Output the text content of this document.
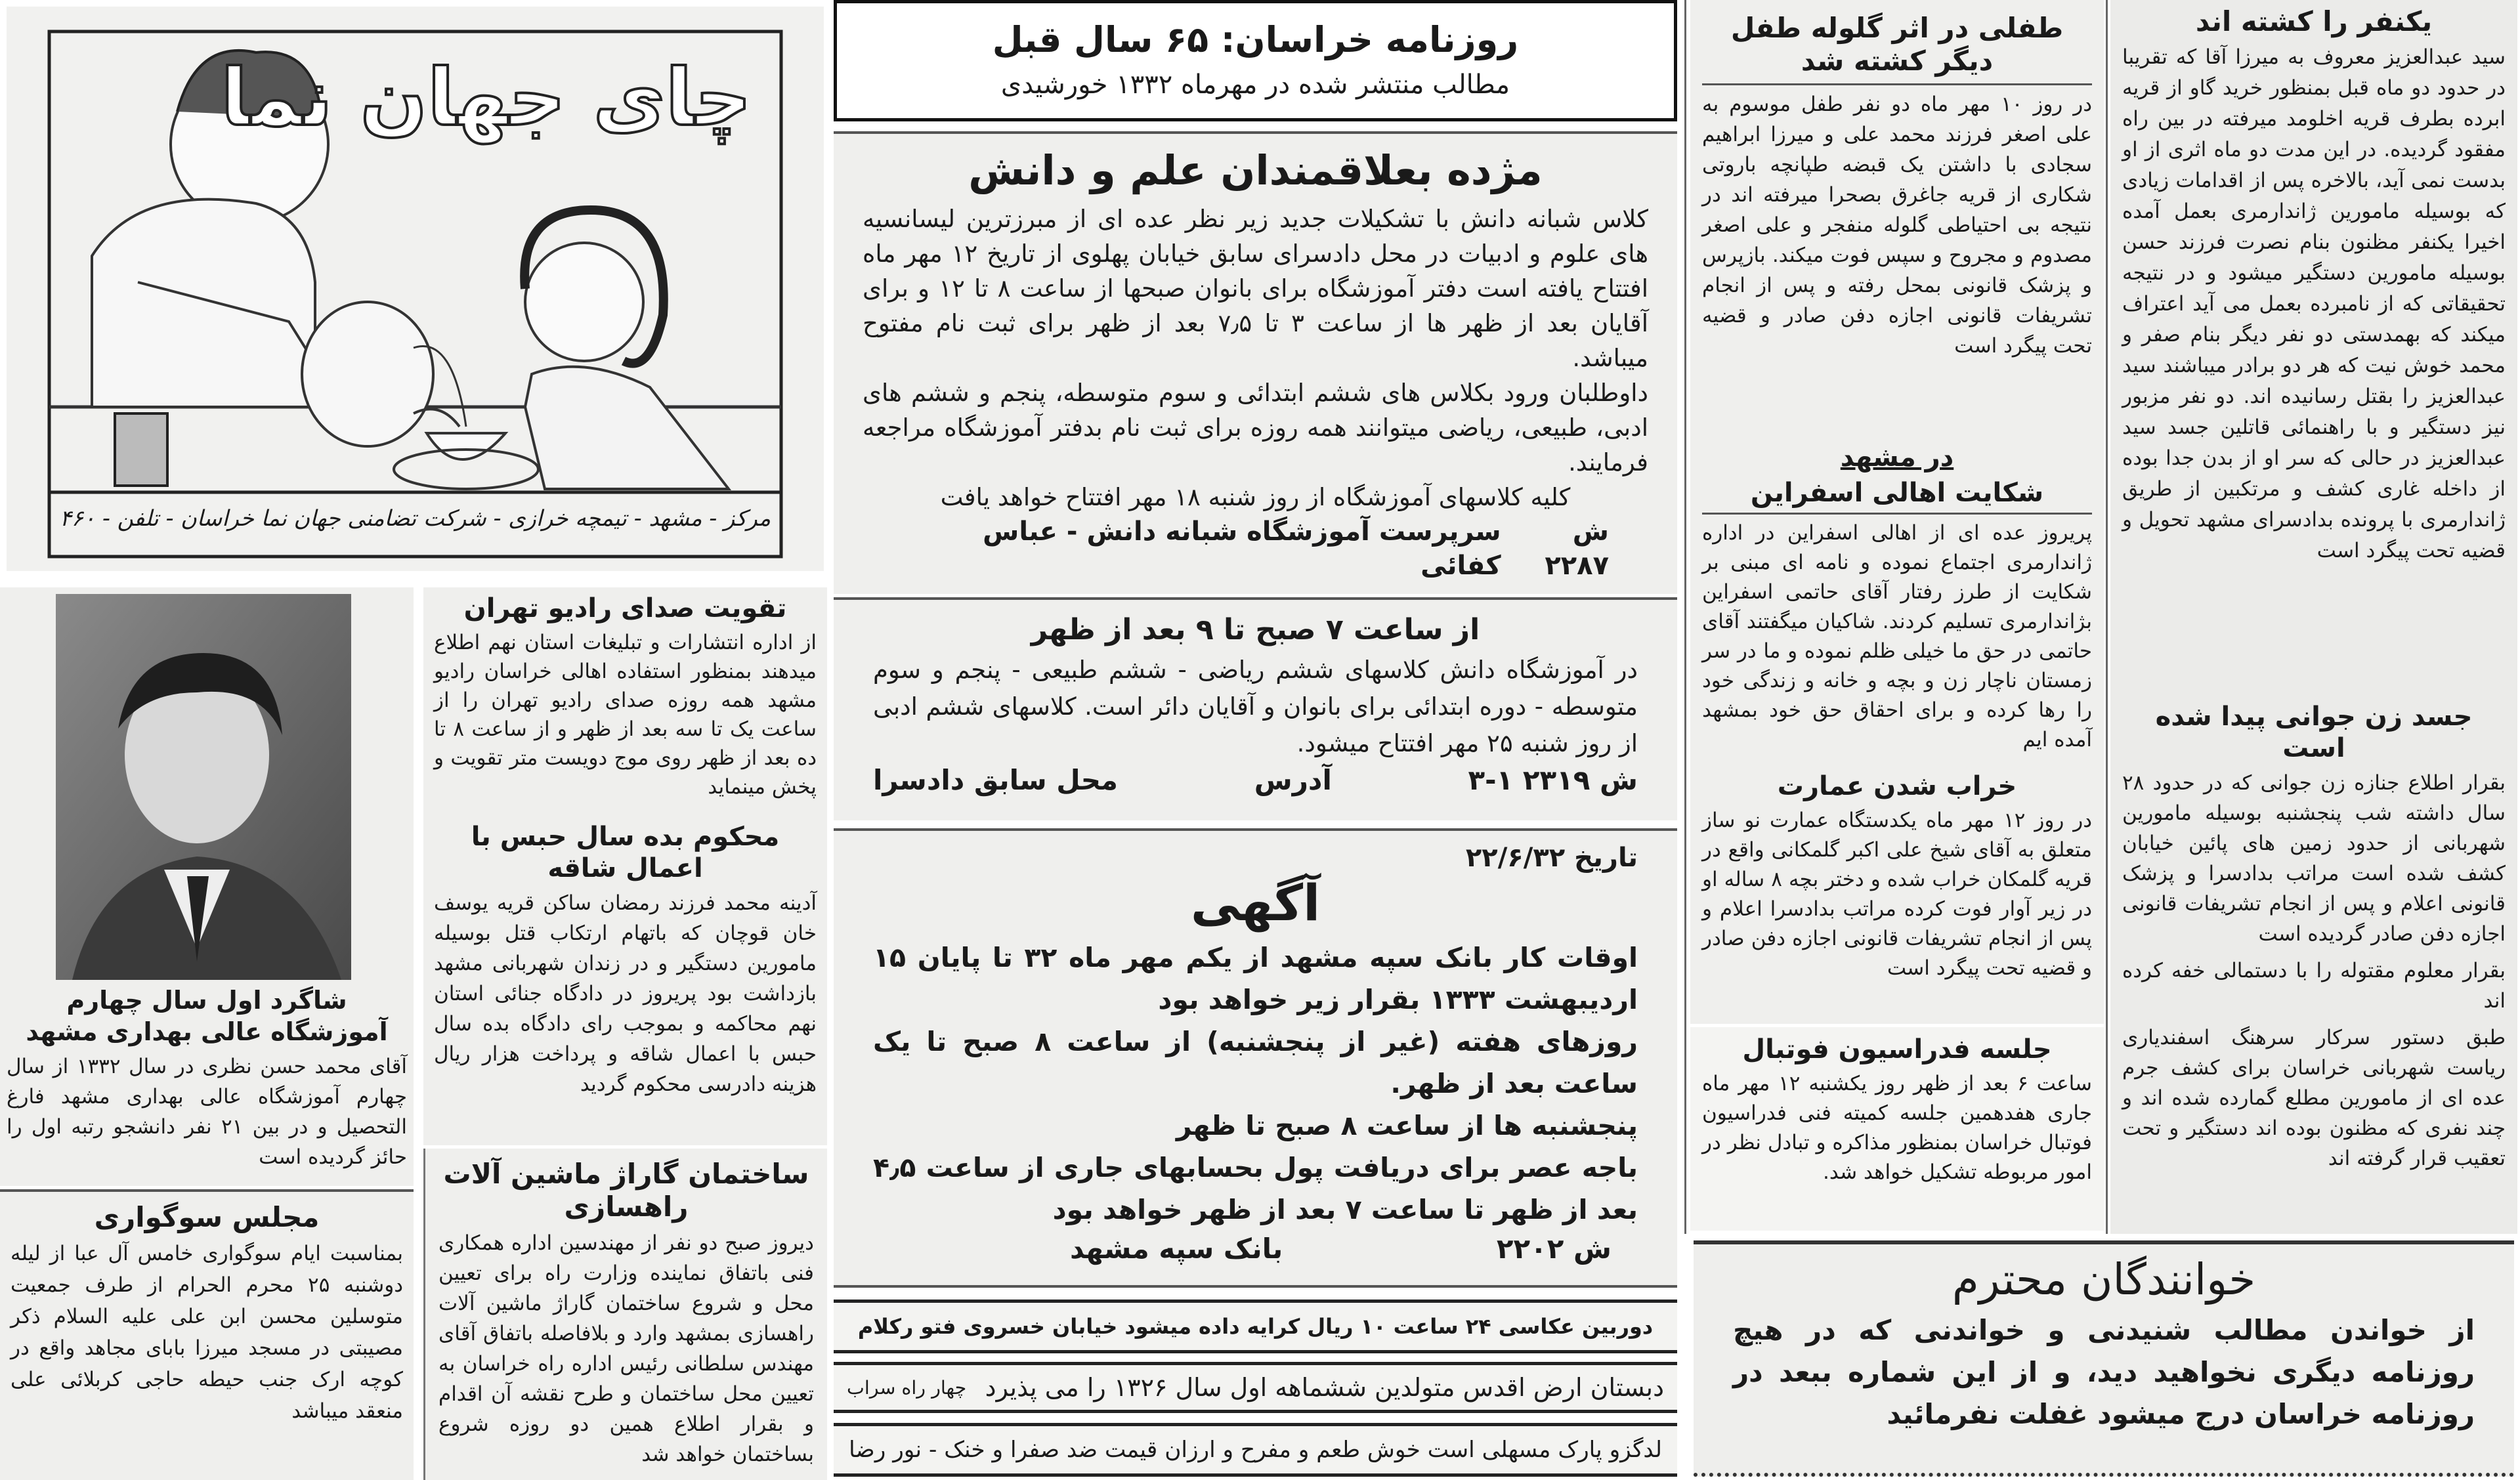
چای جهان نما
مرکز - مشهد - تیمچه خرازی - شرکت تضامنی جهان نما خراسان - تلفن - ۴۶۰
شاگرد اول سال چهارم آموزشگاه عالی بهداری مشهد

آقای محمد حسن نظری در سال ۱۳۳۲ از سال چهارم آموزشگاه عالی بهداری مشهد فارغ التحصیل و در بین ۲۱ نفر دانشجو رتبه اول را حائز گردیده است

مجلس سوگواری

بمناسبت ایام سوگواری خامس آل عبا از لیله دوشنبه ۲۵ محرم الحرام از طرف جمعیت متوسلین محسن ابن علی علیه السلام ذکر مصیبتی در مسجد میرزا بابای مجاهد واقع در کوچه ارک جنب حیطه حاجی کربلائی علی منعقد میباشد

تقویت صدای رادیو تهران

از اداره انتشارات و تبلیغات استان نهم اطلاع میدهند بمنظور استفاده اهالی خراسان رادیو مشهد همه روزه صدای رادیو تهران را از ساعت یک تا سه بعد از ظهر و از ساعت ۸ تا ده بعد از ظهر روی موج دویست متر تقویت و پخش مینماید

محکوم بده سال حبس با اعمال شاقه

آدینه محمد فرزند رمضان ساکن قریه یوسف خان قوچان که باتهام ارتکاب قتل بوسیله مامورین دستگیر و در زندان شهربانی مشهد بازداشت بود پریروز در دادگاه جنائی استان نهم محاکمه و بموجب رای دادگاه بده سال حبس با اعمال شاقه و پرداخت هزار ریال هزینه دادرسی محکوم گردید

ساختمان گاراژ ماشین آلات راهسازی

دیروز صبح دو نفر از مهندسین اداره همکاری فنی باتفاق نماینده وزارت راه برای تعیین محل و شروع ساختمان گاراژ ماشین آلات راهسازی بمشهد وارد و بلافاصله باتفاق آقای مهندس سلطانی رئیس اداره راه خراسان به تعیین محل ساختمان و طرح نقشه آن اقدام و بقرار اطلاع همین دو روزه شروع بساختمان خواهد شد

روزنامه خراسان: ۶۵ سال قبل
مطالب منتشر شده در مهرماه ۱۳۳۲ خورشیدی
مژده بعلاقمندان علم و دانش

کلاس شبانه دانش با تشکیلات جدید زیر نظر عده ای از مبرزترین لیسانسیه های علوم و ادبیات در محل دادسرای سابق خیابان پهلوی از تاریخ ۱۲ مهر ماه افتتاح یافته است دفتر آموزشگاه برای بانوان صبحها از ساعت ۸ تا ۱۲ و برای آقایان بعد از ظهر ها از ساعت ۳ تا ۷٫۵ بعد از ظهر برای ثبت نام مفتوح میباشد.

داوطلبان ورود بکلاس های ششم ابتدائی و سوم متوسطه، پنجم و ششم های ادبی، طبیعی، ریاضی میتوانند همه روزه برای ثبت نام بدفتر آموزشگاه مراجعه فرمایند.

کلیه کلاسهای آموزشگاه از روز شنبه ۱۸ مهر افتتاح خواهد یافت

ش ۲۲۸۷
سرپرست آموزشگاه شبانه دانش - عباس کفائی
از ساعت ۷ صبح تا ۹ بعد از ظهر

در آموزشگاه دانش کلاسهای ششم ریاضی - ششم طبیعی - پنجم و سوم متوسطه - دوره ابتدائی برای بانوان و آقایان دائر است. کلاسهای ششم ادبی از روز شنبه ۲۵ مهر افتتاح میشود.

ش ۲۳۱۹ ۱-۳
آدرس
محل سابق دادسرا
تاریخ ۲۲/۶/۳۲
آگهی
اوقات کار بانک سپه مشهد از یکم مهر ماه ۳۲ تا پایان ۱۵ اردیبهشت ۱۳۳۳ بقرار زیر خواهد بود
روزهای هفته (غیر از پنجشنبه) از ساعت ۸ صبح تا یک ساعت بعد از ظهر.
پنجشنبه ها از ساعت ۸ صبح تا ظهر
باجه عصر برای دریافت پول بحسابهای جاری از ساعت ۴٫۵ بعد از ظهر تا ساعت ۷ بعد از ظهر خواهد بود
ش ۲۲۰۲
بانک سپه مشهد
دوربین عکاسی ۲۴ ساعت ۱۰ ریال کرایه داده میشود خیابان خسروی فتو رکلام
دبستان ارض اقدس متولدین ششماهه اول سال ۱۳۲۶ را می پذیرد
چهار راه سراب
لدگزو پارک مسهلی است خوش طعم و مفرح و ارزان قیمت ضد صفرا و خنک - نور رضا
طفلی در اثر گلوله طفل دیگر کشته شد

در روز ۱۰ مهر ماه دو نفر طفل موسوم به علی اصغر فرزند محمد علی و میرزا ابراهیم سجادی با داشتن یک قبضه طپانچه باروتی شکاری از قریه جاغرق بصحرا میرفته اند در نتیجه بی احتیاطی گلوله منفجر و علی اصغر مصدوم و مجروح و سپس فوت میکند. بازپرس و پزشک قانونی بمحل رفته و پس از انجام تشریفات قانونی اجازه دفن صادر و قضیه تحت پیگرد است

در مشهد
شکایت اهالی اسفراین

پریروز عده ای از اهالی اسفراین در اداره ژاندارمری اجتماع نموده و نامه ای مبنی بر شکایت از طرز رفتار آقای حاتمی اسفراین بژاندارمری تسلیم کردند. شاکیان میگفتند آقای حاتمی در حق ما خیلی ظلم نموده و ما در سر زمستان ناچار زن و بچه و خانه و زندگی خود را رها کرده و برای احقاق حق خود بمشهد آمده ایم

خراب شدن عمارت

در روز ۱۲ مهر ماه یکدستگاه عمارت نو ساز متعلق به آقای شیخ علی اکبر گلمکانی واقع در قریه گلمکان خراب شده و دختر بچه ۸ ساله او در زیر آوار فوت کرده مراتب بدادسرا اعلام و پس از انجام تشریفات قانونی اجازه دفن صادر و قضیه تحت پیگرد است

جلسه فدراسیون فوتبال

ساعت ۶ بعد از ظهر روز یکشنبه ۱۲ مهر ماه جاری هفدهمین جلسه کمیته فنی فدراسیون فوتبال خراسان بمنظور مذاکره و تبادل نظر در امور مربوطه تشکیل خواهد شد.

یکنفر را کشته اند

سید عبدالعزیز معروف به میرزا آقا که تقریبا در حدود دو ماه قبل بمنظور خرید گاو از قریه ابرده بطرف قریه اخلومد میرفته در بین راه مفقود گردیده. در این مدت دو ماه اثری از او بدست نمی آید، بالاخره پس از اقدامات زیادی که بوسیله مامورین ژاندارمری بعمل آمده اخیرا یکنفر مظنون بنام نصرت فرزند حسن بوسیله مامورین دستگیر میشود و در نتیجه تحقیقاتی که از نامبرده بعمل می آید اعتراف میکند که بهمدستی دو نفر دیگر بنام صفر و محمد خوش نیت که هر دو برادر میباشند سید عبدالعزیز را بقتل رسانیده اند. دو نفر مزبور نیز دستگیر و با راهنمائی قاتلین جسد سید عبدالعزیز در حالی که سر او از بدن جدا بوده از داخله غاری کشف و مرتکبین از طریق ژاندارمری با پرونده بدادسرای مشهد تحویل و قضیه تحت پیگرد است

جسد زن جوانی پیدا شده است

بقرار اطلاع جنازه زن جوانی که در حدود ۲۸ سال داشته شب پنجشنبه بوسیله مامورین شهربانی از حدود زمین های پائین خیابان کشف شده است مراتب بدادسرا و پزشک قانونی اعلام و پس از انجام تشریفات قانونی اجازه دفن صادر گردیده است

بقرار معلوم مقتوله را با دستمالی خفه کرده اند

طبق دستور سرکار سرهنگ اسفندیاری ریاست شهربانی خراسان برای کشف جرم عده ای از مامورین مطلع گمارده شده اند و چند نفری که مظنون بوده اند دستگیر و تحت تعقیب قرار گرفته اند

خوانندگان محترم

از خواندن مطالب شنیدنی و خواندنی که در هیچ روزنامه دیگری نخواهید دید، و از این شماره ببعد در روزنامه خراسان درج میشود غفلت نفرمائید
